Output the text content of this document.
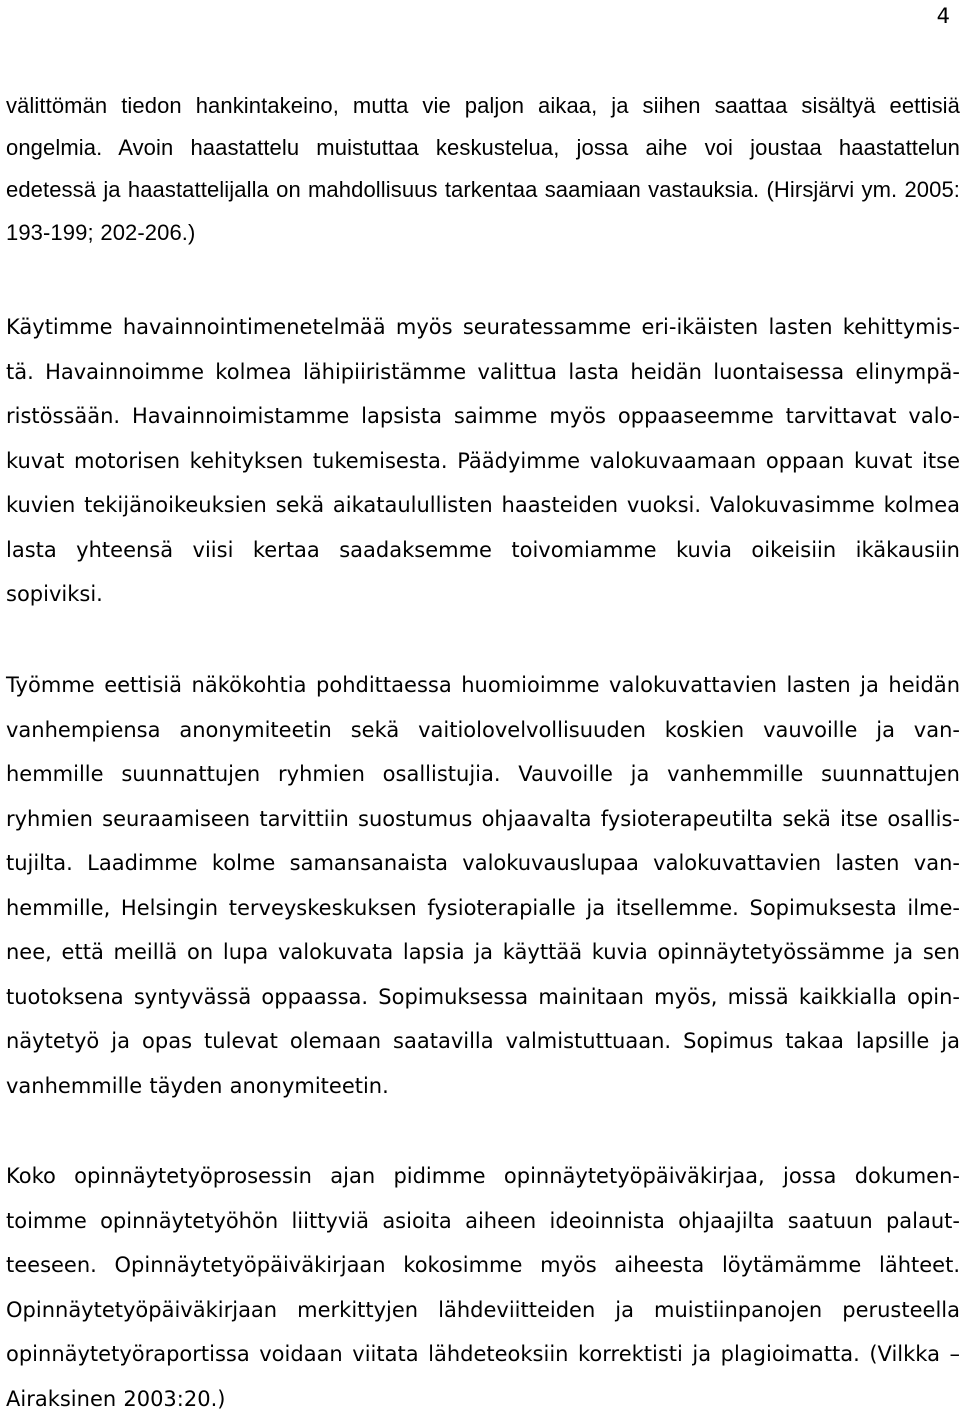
4

välittömän tiedon hankintakeino, mutta vie paljon aikaa, ja siihen saattaa sisältyä eettisiä ongelmia. Avoin haastattelu muistuttaa keskustelua, jossa aihe voi joustaa haastattelun edetessä ja haastattelijalla on mahdollisuus tarkentaa saamiaan vastauksia. (Hirsjärvi ym. 2005: 193-199; 202-206.)

Käytimme havainnointimenetelmää myös seuratessamme eri-ikäisten lasten kehittymistä. Havainnoimme kolmea lähipiiristämme valittua lasta heidän luontaisessa elinympäristössään. Havainnoimistamme lapsista saimme myös oppaaseemme tarvittavat valokuvat motorisen kehityksen tukemisesta. Päädyimme valokuvaamaan oppaan kuvat itse kuvien tekijänoikeuksien sekä aikataulullisten haasteiden vuoksi. Valokuvasimme kolmea lasta yhteensä viisi kertaa saadaksemme toivomiamme kuvia oikeisiin ikäkausiin sopiviksi.

Työmme eettisiä näkökohtia pohdittaessa huomioimme valokuvattavien lasten ja heidän vanhempiensa anonymiteetin sekä vaitiolovelvollisuuden koskien vauvoille ja vanhemmille suunnattujen ryhmien osallistujia. Vauvoille ja vanhemmille suunnattujen ryhmien seuraamiseen tarvittiin suostumus ohjaavalta fysioterapeutilta sekä itse osallistujilta. Laadimme kolme samansanaista valokuvauslupaa valokuvattavien lasten vanhemmille, Helsingin terveyskeskuksen fysioterapialle ja itsellemme. Sopimuksesta ilmenee, että meillä on lupa valokuvata lapsia ja käyttää kuvia opinnäytetyössämme ja sen tuotoksena syntyvässä oppaassa. Sopimuksessa mainitaan myös, missä kaikkialla opinnäytetyö ja opas tulevat olemaan saatavilla valmistuttuaan. Sopimus takaa lapsille ja vanhemmille täyden anonymiteetin.

Koko opinnäytetyöprosessin ajan pidimme opinnäytetyöpäiväkirjaa, jossa dokumentoimme opinnäytetyöhön liittyviä asioita aiheen ideoinnista ohjaajilta saatuun palautteeseen. Opinnäytetyöpäiväkirjaan kokosimme myös aiheesta löytämämme lähteet. Opinnäytetyöpäiväkirjaan merkittyjen lähdeviitteiden ja muistiinpanojen perusteella opinnäytetyöraportissa voidaan viitata lähdeteoksiin korrektisti ja plagioimatta. (Vilkka – Airaksinen 2003:20.)
